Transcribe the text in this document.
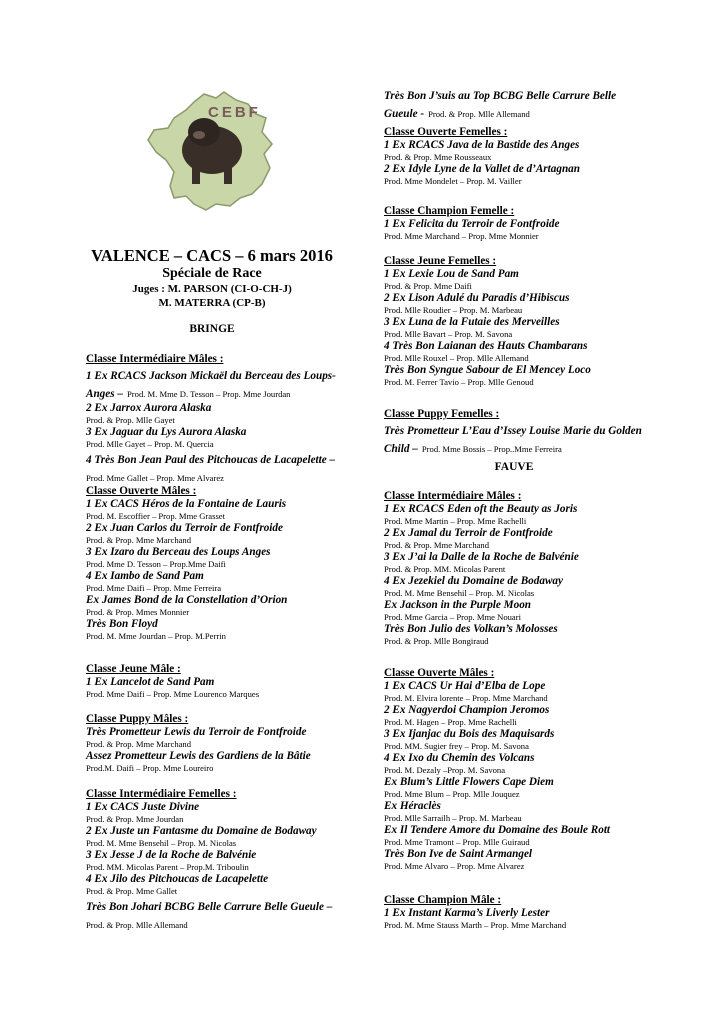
CEBF
VALENCE – CACS – 6 mars 2016
Spéciale de Race
Juges : M. PARSON (CI-O-CH-J)
M. MATERRA (CP-B)
BRINGE
Classe Intermédiaire Mâles :
1 Ex RCACS Jackson Mickaël du Berceau des Loups-Anges – Prod. M. Mme D. Tesson – Prop. Mme Jourdan
2 Ex Jarrox Aurora Alaska
Prod. & Prop. Mlle Gayet
3 Ex Jaguar du Lys Aurora Alaska
Prod. Mlle Gayet – Prop. M. Quercia
4 Très Bon Jean Paul des Pitchoucas de Lacapelette – Prod. Mme Gallet – Prop. Mme Alvarez
Classe Ouverte Mâles :
1 Ex CACS Héros de la Fontaine de Lauris
Prod. M. Escoffier – Prop. Mme Grasset
2 Ex Juan Carlos du Terroir de Fontfroide
Prod. & Prop. Mme Marchand
3 Ex Izaro du Berceau des Loups Anges
Prod. Mme D. Tesson – Prop.Mme Daifi
4 Ex Iambo de Sand Pam
Prod. Mme Daifi – Prop. Mme Ferreira
Ex James Bond de la Constellation d’Orion
Prod. & Prop. Mmes Monnier
Très Bon Floyd
Prod. M. Mme Jourdan – Prop. M.Perrin
Classe Jeune Mâle :
1 Ex Lancelot de Sand Pam
Prod. Mme Daifi – Prop. Mme Lourenco Marques
Classe Puppy Mâles :
Très Prometteur Lewis du Terroir de Fontfroide
Prod. & Prop. Mme Marchand
Assez Prometteur Lewis des Gardiens de la Bâtie
Prod.M. Daifi – Prop. Mme Loureiro
Classe Intermédiaire Femelles :
1 Ex CACS Juste Divine
Prod. & Prop. Mme Jourdan
2 Ex Juste un Fantasme du Domaine de Bodaway
Prod. M. Mme Bensehil – Prop. M. Nicolas
3 Ex Jesse J de la Roche de Balvénie
Prod. MM. Micolas Parent – Prop.M. Triboulin
4 Ex Jilo des Pitchoucas de Lacapelette
Prod. & Prop. Mme Gallet
Très Bon Johari BCBG Belle Carrure Belle Gueule – Prod. & Prop. Mlle Allemand
Très Bon J’suis au Top BCBG Belle Carrure Belle Gueule - Prod. & Prop. Mlle Allemand
Classe Ouverte Femelles :
1 Ex RCACS Java de la Bastide des Anges
Prod. & Prop. Mme Rousseaux
2 Ex Idyle Lyne de la Vallet de d’Artagnan
Prod. Mme Mondelet – Prop. M. Vailler
Classe Champion Femelle :
1 Ex Felicita du Terroir de Fontfroide
Prod. Mme Marchand – Prop. Mme Monnier
Classe Jeune Femelles :
1 Ex Lexie Lou de Sand Pam
Prod. & Prop. Mme Daifi
2 Ex Lison Adulé du Paradis d’Hibiscus
Prod. Mlle Roudier – Prop. M. Marbeau
3 Ex Luna de la Futaie des Merveilles
Prod. Mlle Bavart – Prop. M. Savona
4 Très Bon Laianan des Hauts Chambarans
Prod. Mlle Rouxel – Prop. Mlle Allemand
Très Bon Syngue Sabour de El Mencey Loco
Prod. M. Ferrer Tavio – Prop. Mlle Genoud
Classe Puppy Femelles :
Très Prometteur L’Eau d’Issey Louise Marie du Golden Child – Prod. Mme Bossis – Prop..Mme Ferreira
FAUVE
Classe Intermédiaire Mâles :
1 Ex RCACS Eden oft the Beauty as Joris
Prod. Mme Martin – Prop. Mme Rachelli
2 Ex Jamal du Terroir de Fontfroide
Prod. & Prop. Mme Marchand
3 Ex J’ai la Dalle de la Roche de Balvénie
Prod. & Prop. MM. Micolas Parent
4 Ex Jezekiel du Domaine de Bodaway
Prod. M. Mme Bensehil – Prop. M. Nicolas
Ex Jackson in the Purple Moon
Prod. Mme Garcia – Prop. Mme Nouari
Très Bon Julio des Volkan’s Molosses
Prod. & Prop. Mlle Bongiraud
Classe Ouverte Mâles :
1 Ex CACS Ur Hai d’Elba de Lope
Prod. M. Elvira lorente – Prop. Mme Marchand
2 Ex Nagyerdoi Champion Jeromos
Prod. M. Hagen – Prop. Mme Rachelli
3 Ex Ijanjac du Bois des Maquisards
Prod. MM. Sugier frey – Prop. M. Savona
4 Ex Ixo du Chemin des Volcans
Prod. M. Dezaly –Prop. M. Savona
Ex Blum’s Little Flowers Cape Diem
Prod. Mme Blum – Prop. Mlle Jouquez
Ex Héraclès
Prod. Mlle Sarrailh – Prop. M. Marbeau
Ex Il Tendere Amore du Domaine des Boule Rott
Prod. Mme Tramont – Prop. Mlle Guiraud
Très Bon Ive de Saint Armangel
Prod. Mme Alvaro – Prop. Mme Alvarez
Classe Champion Mâle :
1 Ex Instant Karma’s Liverly Lester
Prod. M. Mme Stauss Marth – Prop. Mme Marchand
